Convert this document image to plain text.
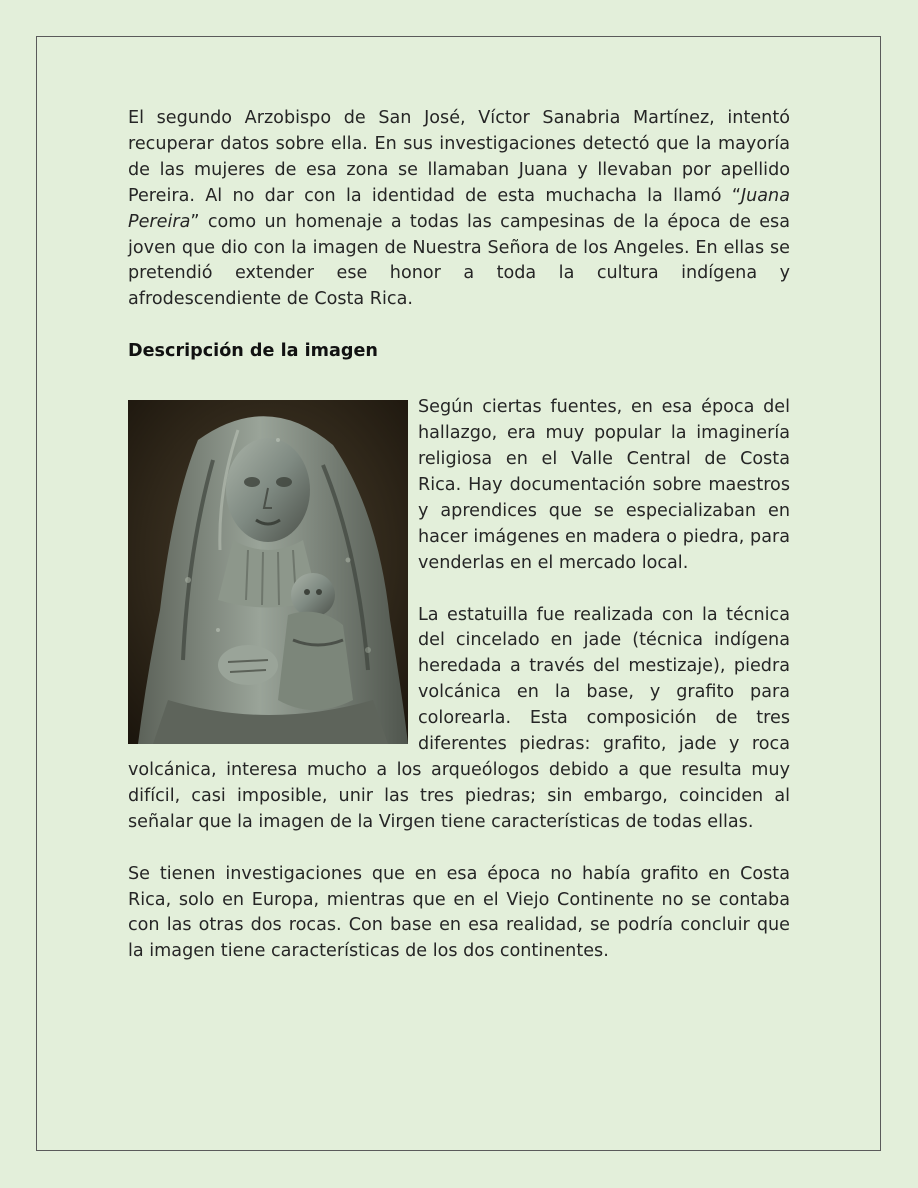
El segundo Arzobispo de San José, Víctor Sanabria Martínez, intentó recuperar datos sobre ella. En sus investigaciones detectó que la mayoría de las mujeres de esa zona se llamaban Juana y llevaban por apellido Pereira. Al no dar con la identidad de esta muchacha la llamó “Juana Pereira” como un homenaje a todas las campesinas de la época de esa joven que dio con la imagen de Nuestra Señora de los Angeles. En ellas se pretendió extender ese honor a toda la cultura indígena y afrodescendiente de Costa Rica.

Descripción de la imagen

Según ciertas fuentes, en esa época del hallazgo, era muy popular la imaginería religiosa en el Valle Central de Costa Rica. Hay documentación sobre maestros y aprendices que se especializaban en hacer imágenes en madera o piedra, para venderlas en el mercado local.

La estatuilla fue realizada con la técnica del cincelado en jade (técnica indígena heredada a través del mestizaje), piedra volcánica en la base, y grafito para colorearla. Esta composición de tres diferentes piedras: grafito, jade y roca volcánica, interesa mucho a los arqueólogos debido a que resulta muy difícil, casi imposible, unir las tres piedras; sin embargo, coinciden al señalar que la imagen de la Virgen tiene características de todas ellas.

Se tienen investigaciones que en esa época no había grafito en Costa Rica, solo en Europa, mientras que en el Viejo Continente no se contaba con las otras dos rocas. Con base en esa realidad, se podría concluir que la imagen tiene características de los dos continentes.
